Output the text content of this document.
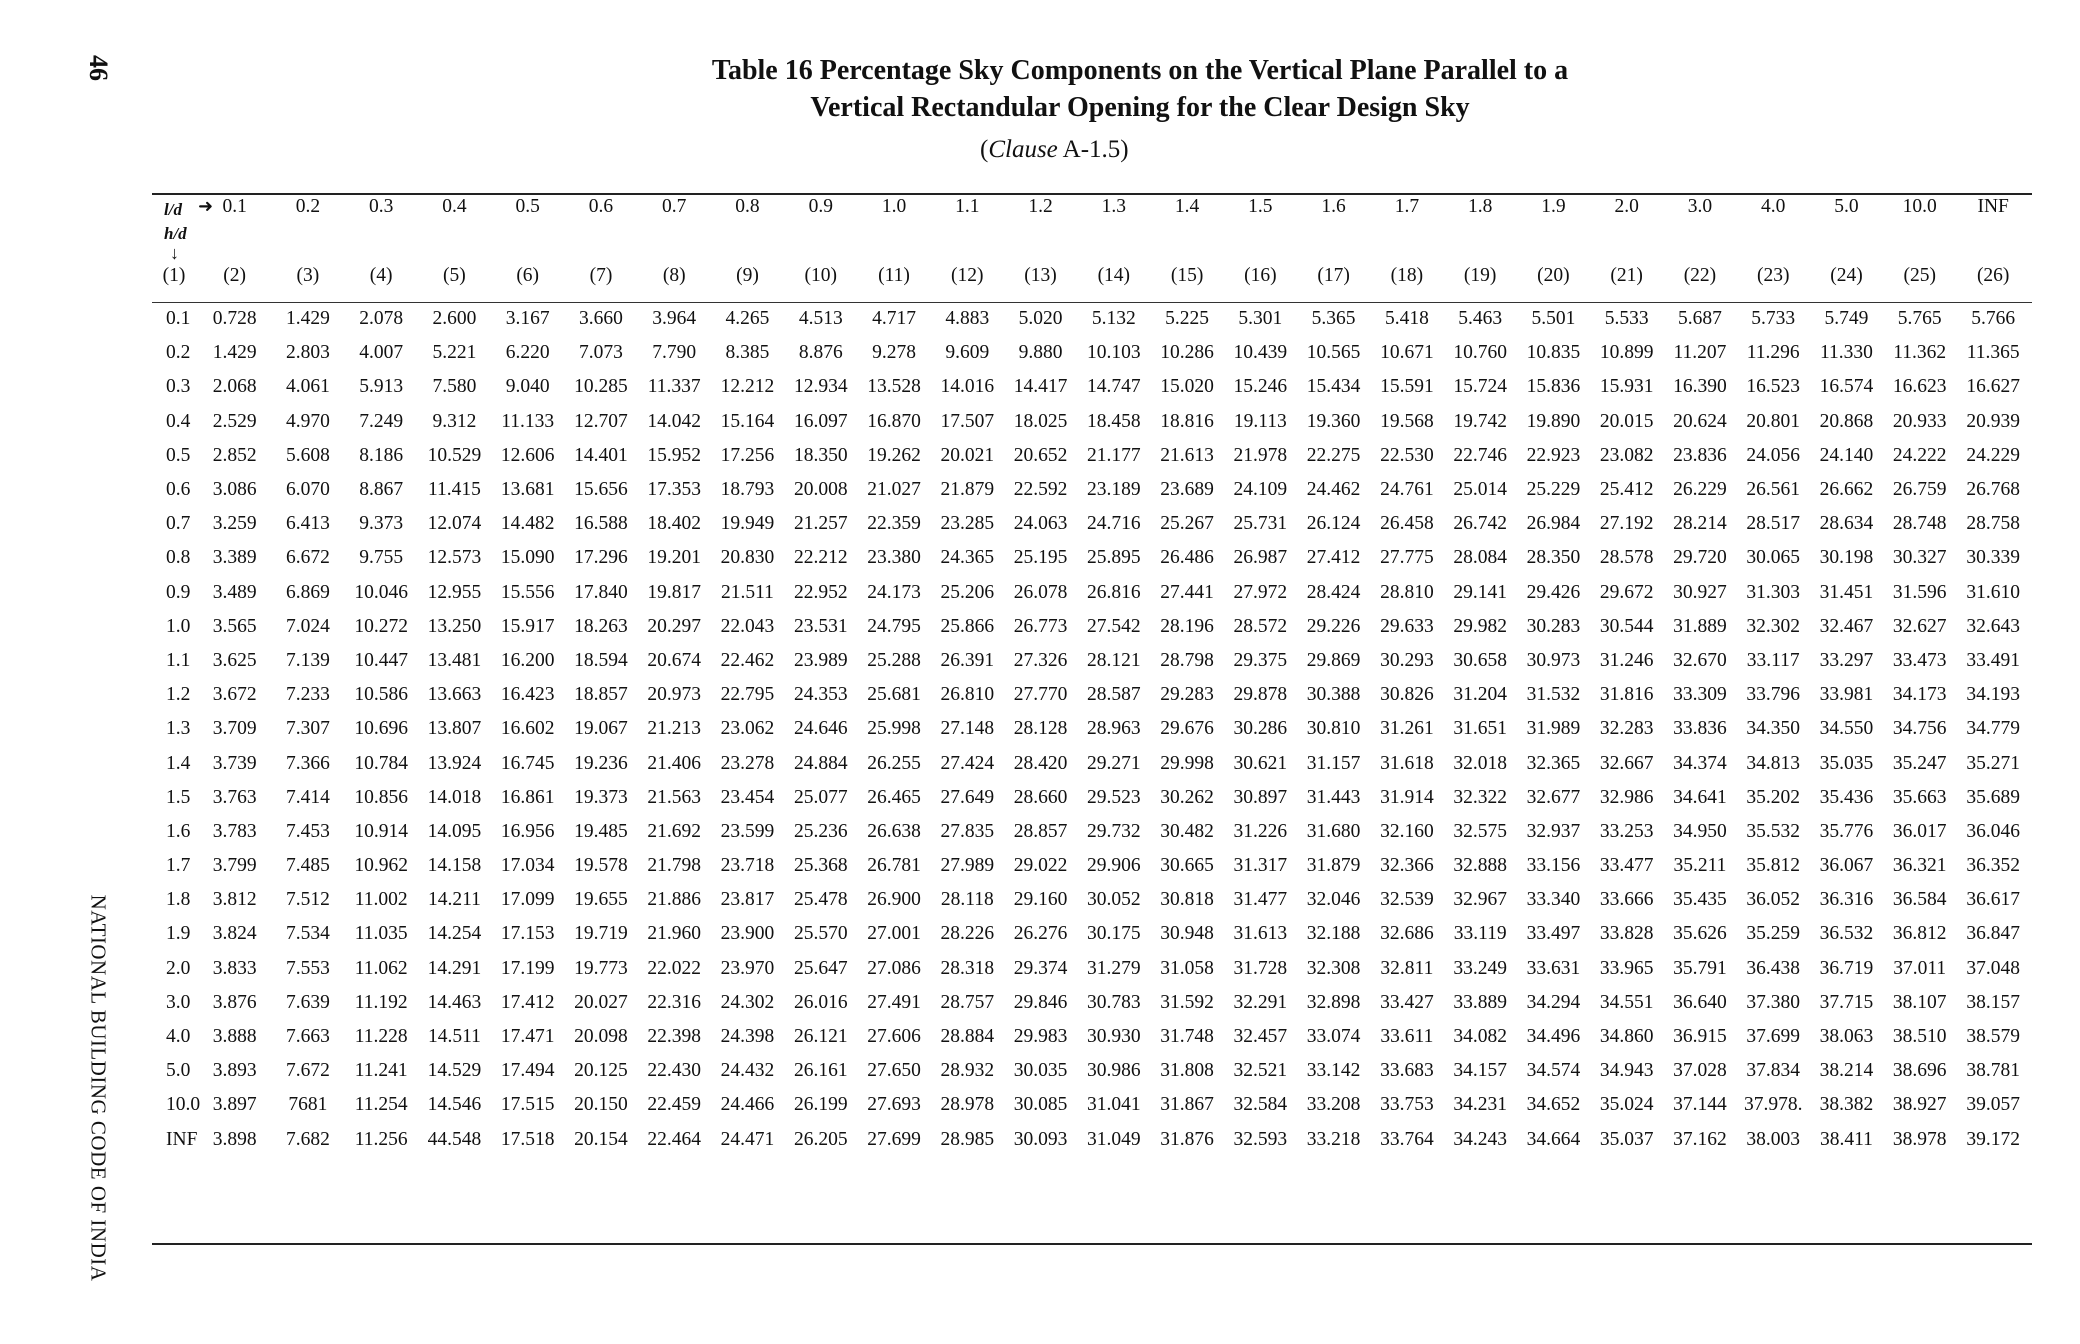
46
NATIONAL BUILDING CODE OF INDIA
Table 16 Percentage Sky Components on the Vertical Plane Parallel to a
Vertical Rectandular Opening for the Clear Design Sky
(Clause A-1.5)
l/d ➜
h/d
↓	0.1	0.2	0.3	0.4	0.5	0.6	0.7	0.8	0.9	1.0	1.1	1.2	1.3	1.4	1.5	1.6	1.7	1.8	1.9	2.0	3.0	4.0	5.0	10.0	INF
(1)	(2)	(3)	(4)	(5)	(6)	(7)	(8)	(9)	(10)	(11)	(12)	(13)	(14)	(15)	(16)	(17)	(18)	(19)	(20)	(21)	(22)	(23)	(24)	(25)	(26)
0.1	0.728	1.429	2.078	2.600	3.167	3.660	3.964	4.265	4.513	4.717	4.883	5.020	5.132	5.225	5.301	5.365	5.418	5.463	5.501	5.533	5.687	5.733	5.749	5.765	5.766
0.2	1.429	2.803	4.007	5.221	6.220	7.073	7.790	8.385	8.876	9.278	9.609	9.880	10.103	10.286	10.439	10.565	10.671	10.760	10.835	10.899	11.207	11.296	11.330	11.362	11.365
0.3	2.068	4.061	5.913	7.580	9.040	10.285	11.337	12.212	12.934	13.528	14.016	14.417	14.747	15.020	15.246	15.434	15.591	15.724	15.836	15.931	16.390	16.523	16.574	16.623	16.627
0.4	2.529	4.970	7.249	9.312	11.133	12.707	14.042	15.164	16.097	16.870	17.507	18.025	18.458	18.816	19.113	19.360	19.568	19.742	19.890	20.015	20.624	20.801	20.868	20.933	20.939
0.5	2.852	5.608	8.186	10.529	12.606	14.401	15.952	17.256	18.350	19.262	20.021	20.652	21.177	21.613	21.978	22.275	22.530	22.746	22.923	23.082	23.836	24.056	24.140	24.222	24.229
0.6	3.086	6.070	8.867	11.415	13.681	15.656	17.353	18.793	20.008	21.027	21.879	22.592	23.189	23.689	24.109	24.462	24.761	25.014	25.229	25.412	26.229	26.561	26.662	26.759	26.768
0.7	3.259	6.413	9.373	12.074	14.482	16.588	18.402	19.949	21.257	22.359	23.285	24.063	24.716	25.267	25.731	26.124	26.458	26.742	26.984	27.192	28.214	28.517	28.634	28.748	28.758
0.8	3.389	6.672	9.755	12.573	15.090	17.296	19.201	20.830	22.212	23.380	24.365	25.195	25.895	26.486	26.987	27.412	27.775	28.084	28.350	28.578	29.720	30.065	30.198	30.327	30.339
0.9	3.489	6.869	10.046	12.955	15.556	17.840	19.817	21.511	22.952	24.173	25.206	26.078	26.816	27.441	27.972	28.424	28.810	29.141	29.426	29.672	30.927	31.303	31.451	31.596	31.610
1.0	3.565	7.024	10.272	13.250	15.917	18.263	20.297	22.043	23.531	24.795	25.866	26.773	27.542	28.196	28.572	29.226	29.633	29.982	30.283	30.544	31.889	32.302	32.467	32.627	32.643
1.1	3.625	7.139	10.447	13.481	16.200	18.594	20.674	22.462	23.989	25.288	26.391	27.326	28.121	28.798	29.375	29.869	30.293	30.658	30.973	31.246	32.670	33.117	33.297	33.473	33.491
1.2	3.672	7.233	10.586	13.663	16.423	18.857	20.973	22.795	24.353	25.681	26.810	27.770	28.587	29.283	29.878	30.388	30.826	31.204	31.532	31.816	33.309	33.796	33.981	34.173	34.193
1.3	3.709	7.307	10.696	13.807	16.602	19.067	21.213	23.062	24.646	25.998	27.148	28.128	28.963	29.676	30.286	30.810	31.261	31.651	31.989	32.283	33.836	34.350	34.550	34.756	34.779
1.4	3.739	7.366	10.784	13.924	16.745	19.236	21.406	23.278	24.884	26.255	27.424	28.420	29.271	29.998	30.621	31.157	31.618	32.018	32.365	32.667	34.374	34.813	35.035	35.247	35.271
1.5	3.763	7.414	10.856	14.018	16.861	19.373	21.563	23.454	25.077	26.465	27.649	28.660	29.523	30.262	30.897	31.443	31.914	32.322	32.677	32.986	34.641	35.202	35.436	35.663	35.689
1.6	3.783	7.453	10.914	14.095	16.956	19.485	21.692	23.599	25.236	26.638	27.835	28.857	29.732	30.482	31.226	31.680	32.160	32.575	32.937	33.253	34.950	35.532	35.776	36.017	36.046
1.7	3.799	7.485	10.962	14.158	17.034	19.578	21.798	23.718	25.368	26.781	27.989	29.022	29.906	30.665	31.317	31.879	32.366	32.888	33.156	33.477	35.211	35.812	36.067	36.321	36.352
1.8	3.812	7.512	11.002	14.211	17.099	19.655	21.886	23.817	25.478	26.900	28.118	29.160	30.052	30.818	31.477	32.046	32.539	32.967	33.340	33.666	35.435	36.052	36.316	36.584	36.617
1.9	3.824	7.534	11.035	14.254	17.153	19.719	21.960	23.900	25.570	27.001	28.226	26.276	30.175	30.948	31.613	32.188	32.686	33.119	33.497	33.828	35.626	35.259	36.532	36.812	36.847
2.0	3.833	7.553	11.062	14.291	17.199	19.773	22.022	23.970	25.647	27.086	28.318	29.374	31.279	31.058	31.728	32.308	32.811	33.249	33.631	33.965	35.791	36.438	36.719	37.011	37.048
3.0	3.876	7.639	11.192	14.463	17.412	20.027	22.316	24.302	26.016	27.491	28.757	29.846	30.783	31.592	32.291	32.898	33.427	33.889	34.294	34.551	36.640	37.380	37.715	38.107	38.157
4.0	3.888	7.663	11.228	14.511	17.471	20.098	22.398	24.398	26.121	27.606	28.884	29.983	30.930	31.748	32.457	33.074	33.611	34.082	34.496	34.860	36.915	37.699	38.063	38.510	38.579
5.0	3.893	7.672	11.241	14.529	17.494	20.125	22.430	24.432	26.161	27.650	28.932	30.035	30.986	31.808	32.521	33.142	33.683	34.157	34.574	34.943	37.028	37.834	38.214	38.696	38.781
10.0	3.897	7681	11.254	14.546	17.515	20.150	22.459	24.466	26.199	27.693	28.978	30.085	31.041	31.867	32.584	33.208	33.753	34.231	34.652	35.024	37.144	37.978.	38.382	38.927	39.057
INF	3.898	7.682	11.256	44.548	17.518	20.154	22.464	24.471	26.205	27.699	28.985	30.093	31.049	31.876	32.593	33.218	33.764	34.243	34.664	35.037	37.162	38.003	38.411	38.978	39.172
